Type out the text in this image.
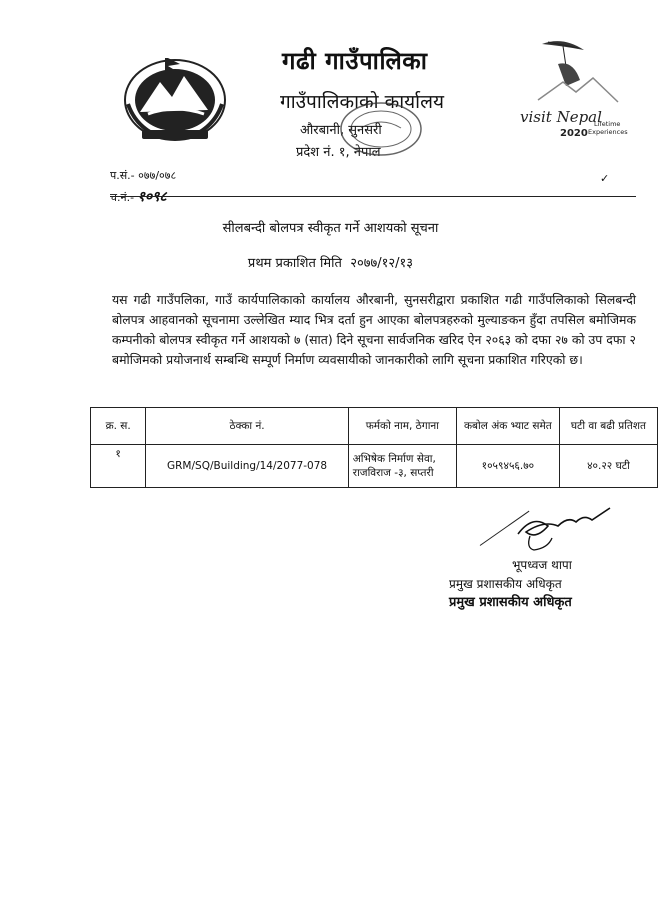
visit Nepal
2020
Lifetime
Experiences
गढी गाउँपालिका
गाउँपालिकाको कार्यालय
औरबानी, सुनसरी
प्रदेश नं. १, नेपाल
प.सं.- ०७७/०७८
च.नं.- १०९८
✓
सीलबन्दी बोलपत्र स्वीकृत गर्ने आशयको सूचना
प्रथम प्रकाशित मिति २०७७/१२/१३
यस गढी गाउँपलिका, गाउँ कार्यपालिकाको कार्यालय औरबानी, सुनसरीद्वारा प्रकाशित गढी गाउँपलिकाको सिलबन्दी बोलपत्र आहवानको सूचनामा उल्लेखित म्याद भित्र दर्ता हुन आएका बोलपत्रहरुको मुल्याङकन हुँदा तपसिल बमोजिमक कम्पनीको बोलपत्र स्वीकृत गर्ने आशयको ७ (सात) दिने सूचना सार्वजनिक खरिद ऐन २०६३ को दफा २७ को उप दफा २ बमोजिमको प्रयोजनार्थ सम्बन्धि सम्पूर्ण निर्माण व्यवसायीको जानकारीको लागि सूचना प्रकाशित गरिएको छ।
क्र. स.	ठेक्का नं.	फर्मको नाम, ठेगाना	कबोल अंक भ्याट समेत	घटी वा बढी प्रतिशत
१	GRM/SQ/Building/14/2077-078	अभिषेक निर्माण सेवा,
राजविराज -३, सप्तरी	१०५९४५६.७०	४०.२२ घटी
भूपध्वज थापा
प्रमुख प्रशासकीय अधिकृत
प्रमुख प्रशासकीय अधिकृत
